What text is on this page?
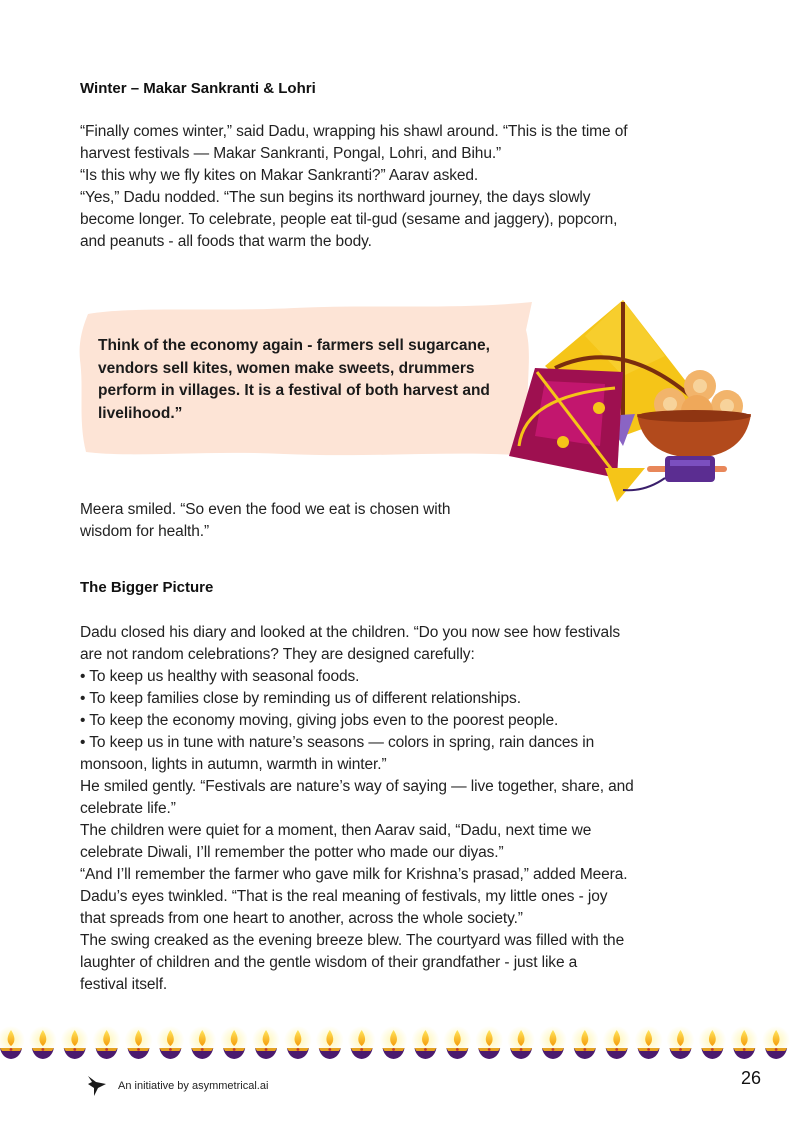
Winter – Makar Sankranti & Lohri
“Finally comes winter,” said Dadu, wrapping his shawl around. “This is the time of
harvest festivals — Makar Sankranti, Pongal, Lohri, and Bihu.”
“Is this why we fly kites on Makar Sankranti?” Aarav asked.
“Yes,” Dadu nodded. “The sun begins its northward journey, the days slowly
become longer. To celebrate, people eat til-gud (sesame and jaggery), popcorn,
and peanuts - all foods that warm the body.
Think of the economy again - farmers sell sugarcane,
vendors sell kites, women make sweets, drummers
perform in villages. It is a festival of both harvest and
livelihood.”
Meera smiled. “So even the food we eat is chosen with
wisdom for health.”
The Bigger Picture
Dadu closed his diary and looked at the children. “Do you now see how festivals
are not random celebrations? They are designed carefully:
• To keep us healthy with seasonal foods.
• To keep families close by reminding us of different relationships.
• To keep the economy moving, giving jobs even to the poorest people.
• To keep us in tune with nature’s seasons — colors in spring, rain dances in
monsoon, lights in autumn, warmth in winter.”
He smiled gently. “Festivals are nature’s way of saying — live together, share, and
celebrate life.”
The children were quiet for a moment, then Aarav said, “Dadu, next time we
celebrate Diwali, I’ll remember the potter who made our diyas.”
“And I’ll remember the farmer who gave milk for Krishna’s prasad,” added Meera.
Dadu’s eyes twinkled. “That is the real meaning of festivals, my little ones - joy
that spreads from one heart to another, across the whole society.”
The swing creaked as the evening breeze blew. The courtyard was filled with the
laughter of children and the gentle wisdom of their grandfather - just like a
festival itself.
An initiative by asymmetrical.ai	26
